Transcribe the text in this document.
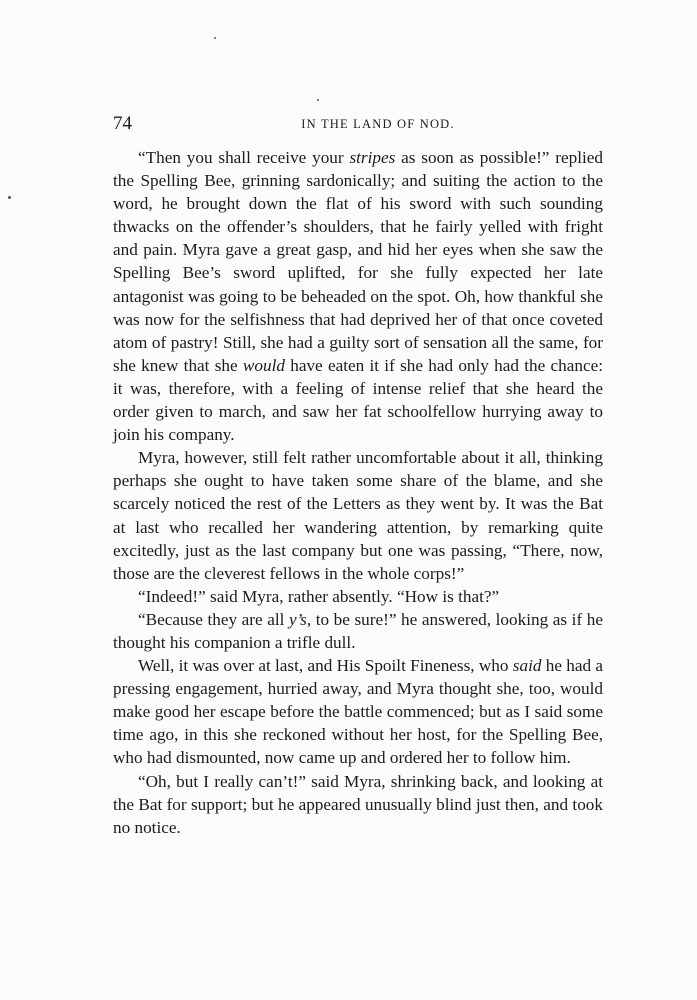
74	IN THE LAND OF NOD.

“Then you shall receive your stripes as soon as possible!” replied the Spelling Bee, grinning sardonically; and suiting the action to the word, he brought down the flat of his sword with such sounding thwacks on the offender’s shoulders, that he fairly yelled with fright and pain. Myra gave a great gasp, and hid her eyes when she saw the Spelling Bee’s sword uplifted, for she fully expected her late antagonist was going to be beheaded on the spot. Oh, how thankful she was now for the selfishness that had deprived her of that once coveted atom of pastry! Still, she had a guilty sort of sensation all the same, for she knew that she would have eaten it if she had only had the chance: it was, therefore, with a feeling of intense relief that she heard the order given to march, and saw her fat schoolfellow hurrying away to join his company.

Myra, however, still felt rather uncomfortable about it all, thinking perhaps she ought to have taken some share of the blame, and she scarcely noticed the rest of the Letters as they went by. It was the Bat at last who recalled her wandering attention, by remarking quite excitedly, just as the last company but one was passing, “There, now, those are the cleverest fellows in the whole corps!”

“Indeed!” said Myra, rather absently. “How is that?”

“Because they are all y’s, to be sure!” he answered, looking as if he thought his companion a trifle dull.

Well, it was over at last, and His Spoilt Fineness, who said he had a pressing engagement, hurried away, and Myra thought she, too, would make good her escape before the battle commenced; but as I said some time ago, in this she reckoned without her host, for the Spelling Bee, who had dismounted, now came up and ordered her to follow him.

“Oh, but I really can’t!” said Myra, shrinking back, and looking at the Bat for support; but he appeared unusually blind just then, and took no notice.
